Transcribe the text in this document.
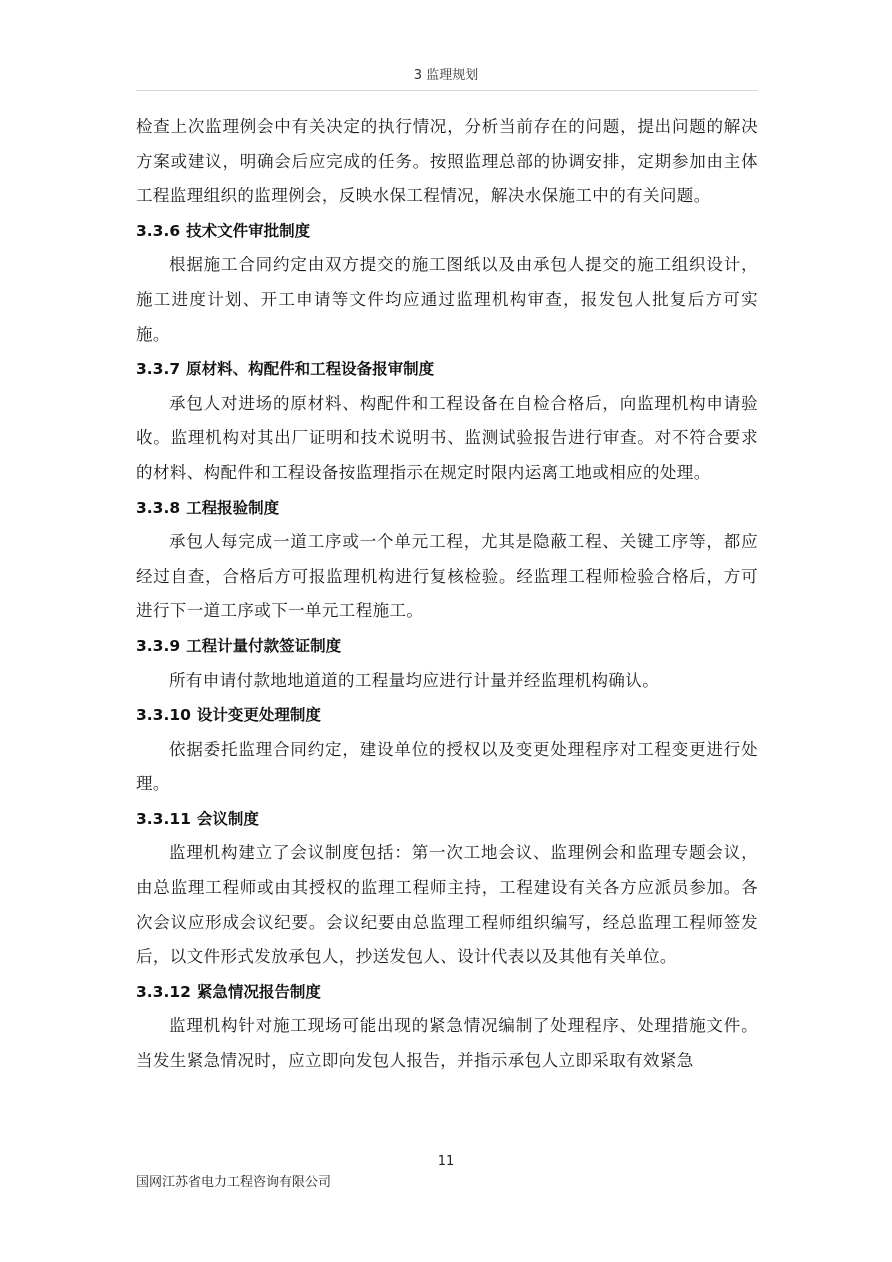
3 监理规划

检查上次监理例会中有关决定的执行情况，分析当前存在的问题，提出问题的解决方案或建议，明确会后应完成的任务。按照监理总部的协调安排，定期参加由主体工程监理组织的监理例会，反映水保工程情况，解决水保施工中的有关问题。

3.3.6 技术文件审批制度

根据施工合同约定由双方提交的施工图纸以及由承包人提交的施工组织设计，施工进度计划、开工申请等文件均应通过监理机构审查，报发包人批复后方可实施。

3.3.7 原材料、构配件和工程设备报审制度

承包人对进场的原材料、构配件和工程设备在自检合格后，向监理机构申请验收。监理机构对其出厂证明和技术说明书、监测试验报告进行审查。对不符合要求的材料、构配件和工程设备按监理指示在规定时限内运离工地或相应的处理。

3.3.8 工程报验制度

承包人每完成一道工序或一个单元工程，尤其是隐蔽工程、关键工序等，都应经过自查，合格后方可报监理机构进行复核检验。经监理工程师检验合格后，方可进行下一道工序或下一单元工程施工。

3.3.9 工程计量付款签证制度

所有申请付款地地道道的工程量均应进行计量并经监理机构确认。

3.3.10 设计变更处理制度

依据委托监理合同约定，建设单位的授权以及变更处理程序对工程变更进行处理。

3.3.11 会议制度

监理机构建立了会议制度包括：第一次工地会议、监理例会和监理专题会议，由总监理工程师或由其授权的监理工程师主持，工程建设有关各方应派员参加。各次会议应形成会议纪要。会议纪要由总监理工程师组织编写，经总监理工程师签发后，以文件形式发放承包人，抄送发包人、设计代表以及其他有关单位。

3.3.12 紧急情况报告制度

监理机构针对施工现场可能出现的紧急情况编制了处理程序、处理措施文件。当发生紧急情况时，应立即向发包人报告，并指示承包人立即采取有效紧急

11
国网江苏省电力工程咨询有限公司
